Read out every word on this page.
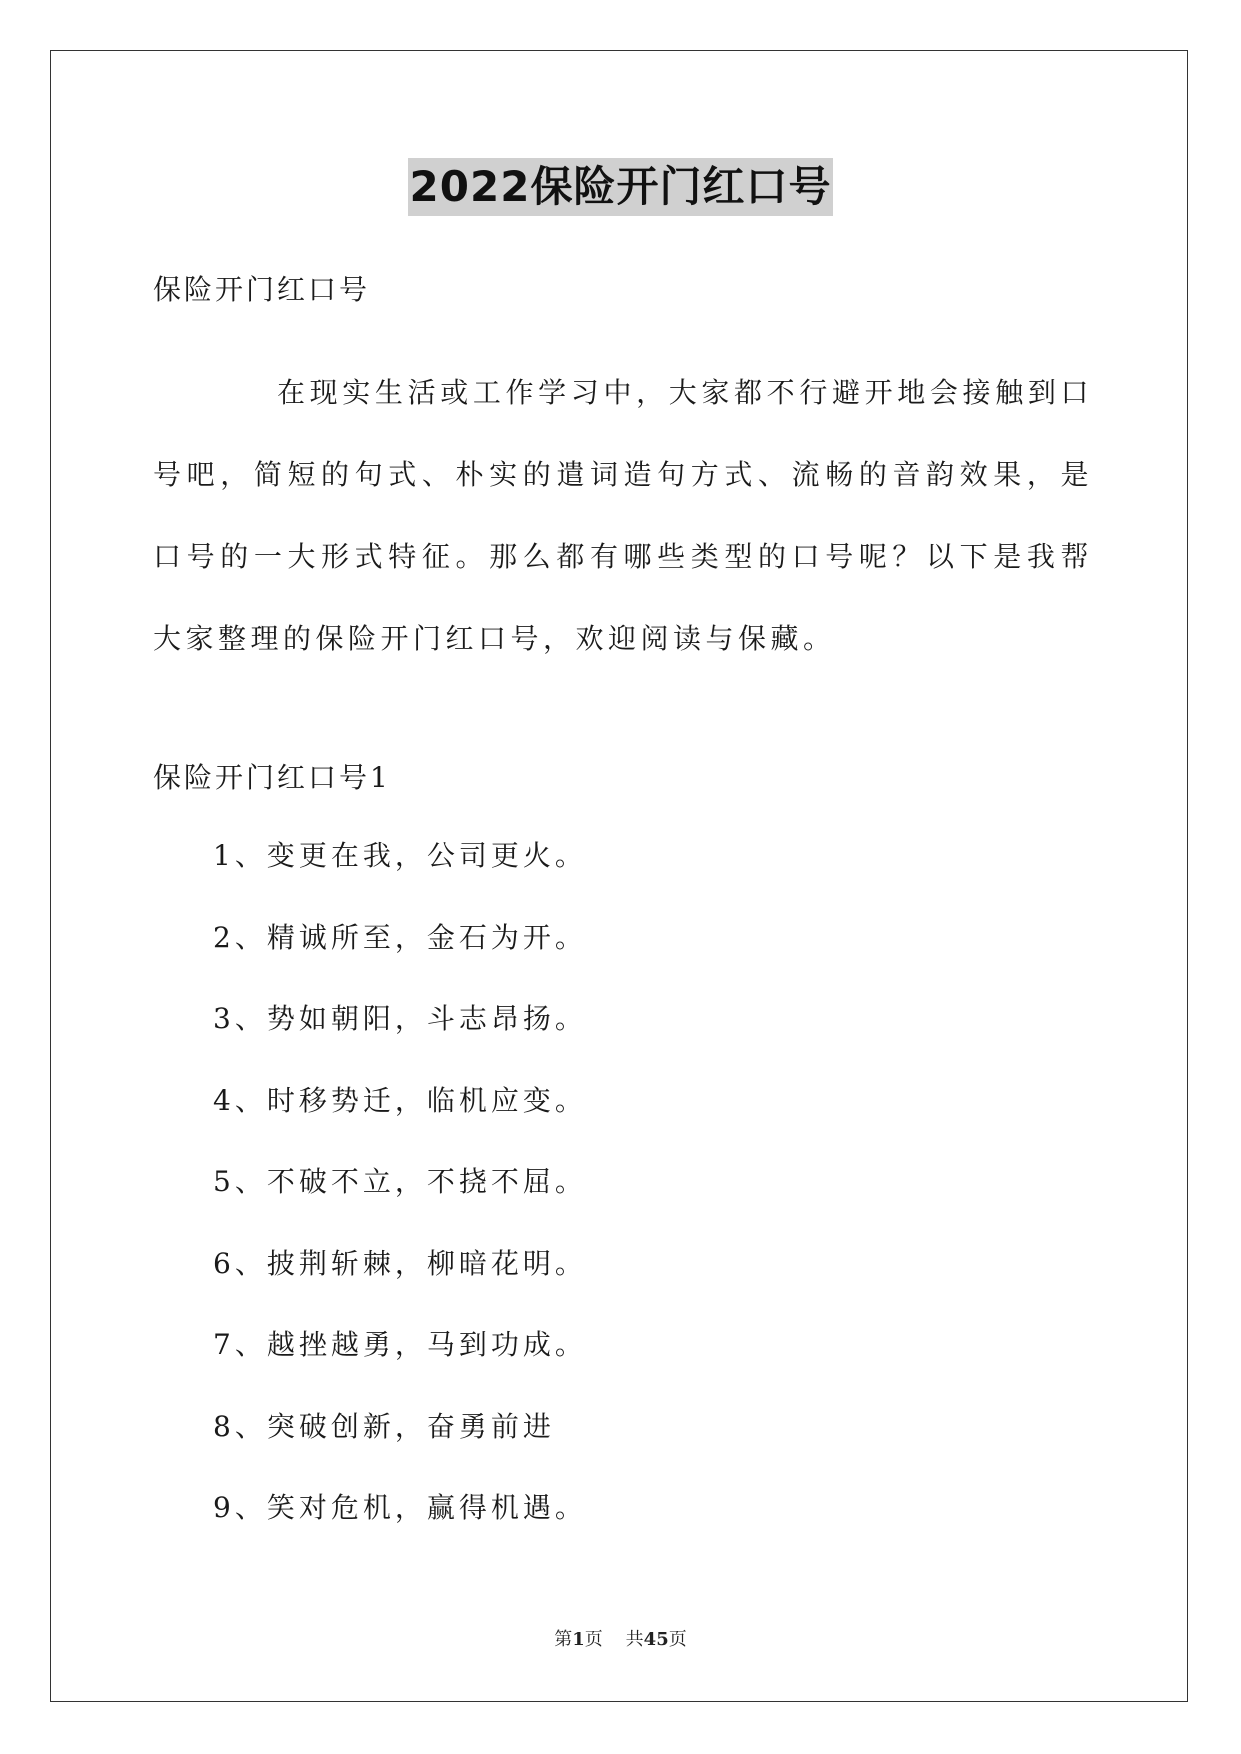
2022保险开门红口号
保险开门红口号

在现实生活或工作学习中，大家都不行避开地会接触到口号吧，简短的句式、朴实的遣词造句方式、流畅的音韵效果，是口号的一大形式特征。那么都有哪些类型的口号呢？以下是我帮大家整理的保险开门红口号，欢迎阅读与保藏。

保险开门红口号1
1、变更在我，公司更火。
2、精诚所至，金石为开。
3、势如朝阳，斗志昂扬。
4、时移势迁，临机应变。
5、不破不立，不挠不屈。
6、披荆斩棘，柳暗花明。
7、越挫越勇，马到功成。
8、突破创新，奋勇前进
9、笑对危机，赢得机遇。
第1页 共45页
